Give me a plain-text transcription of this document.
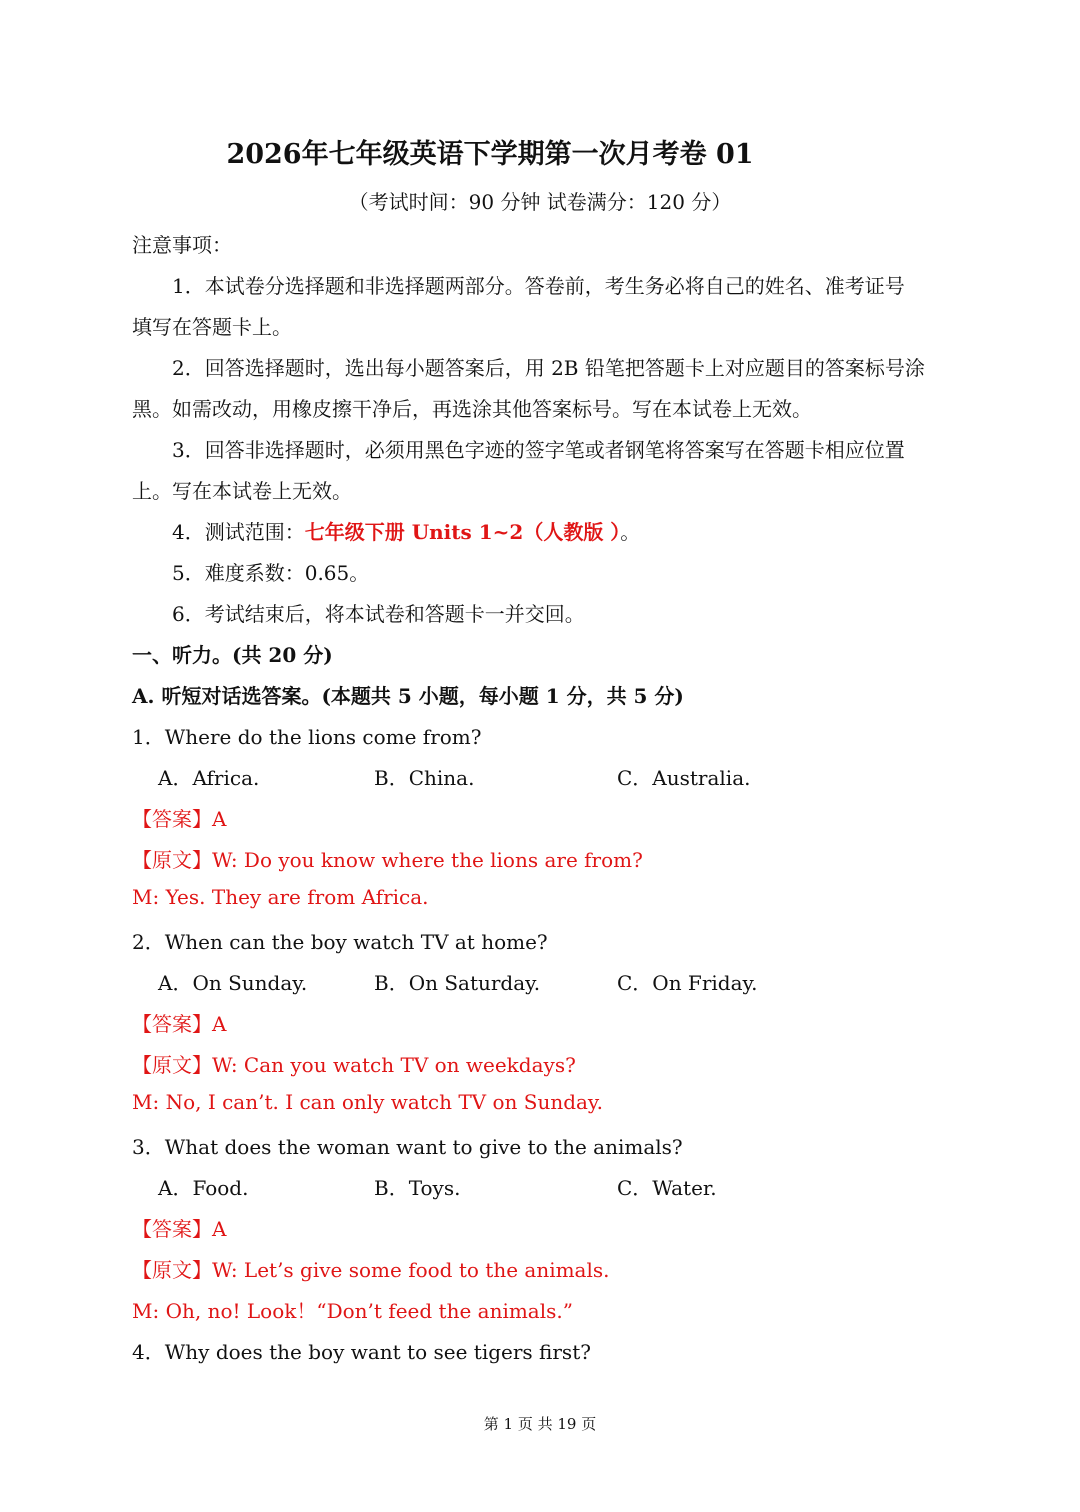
2026年七年级英语下学期第一次月考卷 01
（考试时间：90 分钟 试卷满分：120 分）
注意事项：
1．本试卷分选择题和非选择题两部分。答卷前，考生务必将自己的姓名、准考证号
填写在答题卡上。
2．回答选择题时，选出每小题答案后，用 2B 铅笔把答题卡上对应题目的答案标号涂
黑。如需改动，用橡皮擦干净后，再选涂其他答案标号。写在本试卷上无效。
3．回答非选择题时，必须用黑色字迹的签字笔或者钢笔将答案写在答题卡相应位置
上。写在本试卷上无效。
4．测试范围：七年级下册 Units 1~2（人教版 ）。
5．难度系数：0.65。
6．考试结束后，将本试卷和答题卡一并交回。
一、听力。(共 20 分)
A. 听短对话选答案。(本题共 5 小题，每小题 1 分，共 5 分)
1．Where do the lions come from?
A．Africa.	B．China.	C．Australia.
【答案】A
【原文】W: Do you know where the lions are from?
M: Yes. They are from Africa.
2．When can the boy watch TV at home?
A．On Sunday.	B．On Saturday.	C．On Friday.
【答案】A
【原文】W: Can you watch TV on weekdays?
M: No, I can’t. I can only watch TV on Sunday.
3．What does the woman want to give to the animals?
A．Food.	B．Toys.	C．Water.
【答案】A
【原文】W: Let’s give some food to the animals.
M: Oh, no! Look！“Don’t feed the animals.”
4．Why does the boy want to see tigers first?
第 1 页 共 19 页
